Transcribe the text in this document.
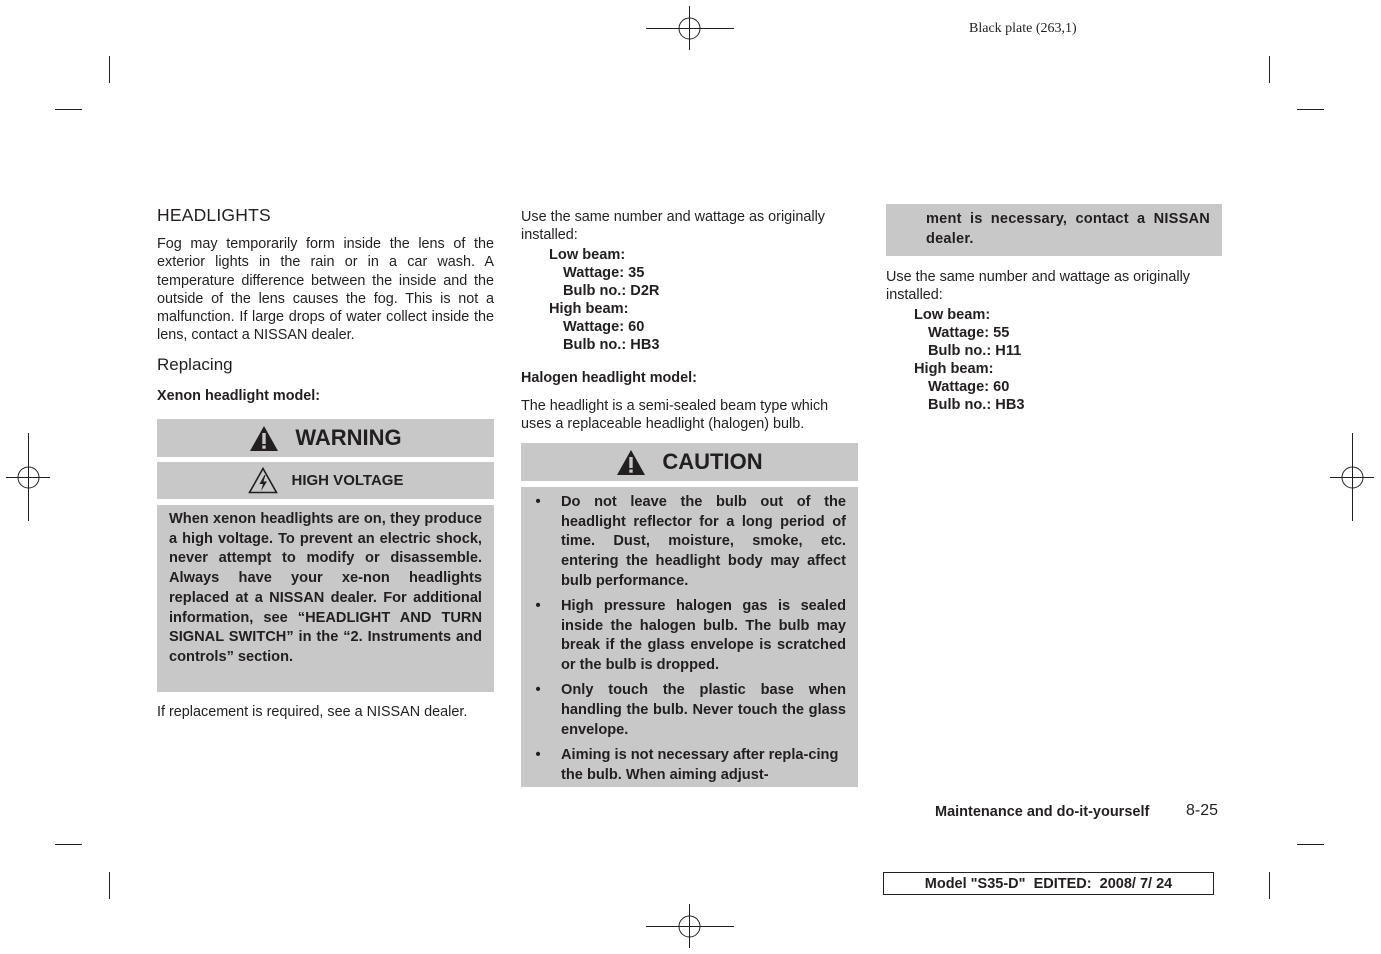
Black plate (263,1)
HEADLIGHTS

Fog may temporarily form inside the lens of the exterior lights in the rain or in a car wash. A temperature difference between the inside and the outside of the lens causes the fog. This is not a malfunction. If large drops of water collect inside the lens, contact a NISSAN dealer.

Replacing
Xenon headlight model:
WARNING
HIGH VOLTAGE

When xenon headlights are on, they produce a high voltage. To prevent an electric shock, never attempt to modify or disassemble. Always have your xe-non headlights replaced at a NISSAN dealer. For additional information, see “HEADLIGHT AND TURN SIGNAL SWITCH” in the “2. Instruments and controls” section.

If replacement is required, see a NISSAN dealer.

Use the same number and wattage as originally installed:

Low beam:
Wattage: 35
Bulb no.: D2R
High beam:
Wattage: 60
Bulb no.: HB3
Halogen headlight model:

The headlight is a semi-sealed beam type which uses a replaceable headlight (halogen) bulb.

CAUTION
• Do not leave the bulb out of the headlight reflector for a long period of time. Dust, moisture, smoke, etc. entering the headlight body may affect bulb performance.
• High pressure halogen gas is sealed inside the halogen bulb. The bulb may break if the glass envelope is scratched or the bulb is dropped.
• Only touch the plastic base when handling the bulb. Never touch the glass envelope.
• Aiming is not necessary after repla-cing the bulb. When aiming adjust-

ment is necessary, contact a NISSAN dealer.

Use the same number and wattage as originally installed:

Low beam:
Wattage: 55
Bulb no.: H11
High beam:
Wattage: 60
Bulb no.: HB3
Maintenance and do-it-yourself 8-25
Model "S35-D"  EDITED:  2008/ 7/ 24
